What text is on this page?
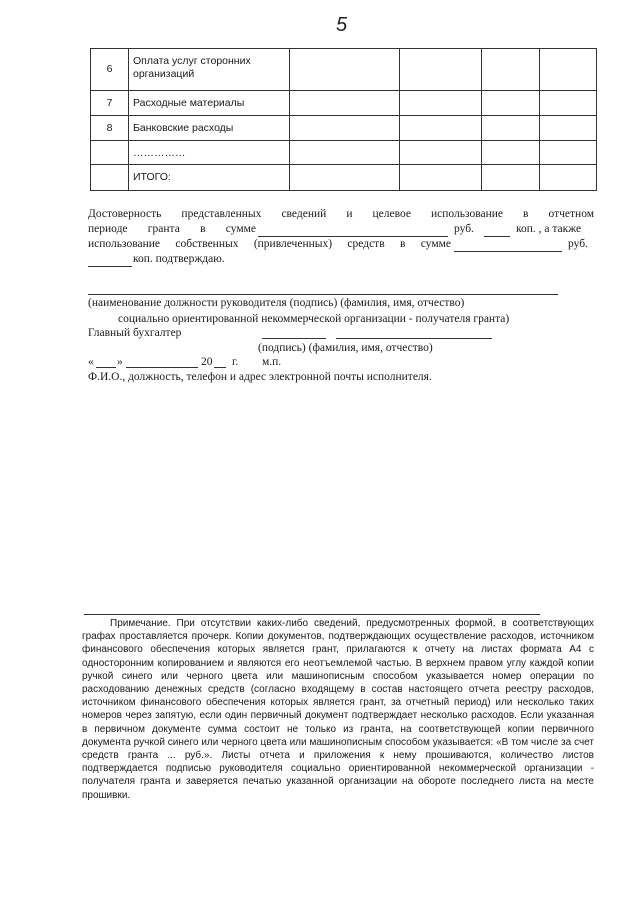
5
6	Оплата услуг сторонних организаций				
7	Расходные материалы				
8	Банковские расходы				
	……………				
	ИТОГО:				
Достоверность представленных сведений и целевое использование в отчетном
периоде гранта в сумме	руб.	коп. , а также
использование собственных (привлеченных) средств в сумме	руб.
коп. подтверждаю.
(наименование должности руководителя (подпись) (фамилия, имя, отчество)
социально ориентированной некоммерческой организации - получателя гранта)
Главный бухгалтер
(подпись) (фамилия, имя, отчество)
« »	20 г. м.п.
Ф.И.О., должность, телефон и адрес электронной почты исполнителя.
Примечание. При отсутствии каких-либо сведений, предусмотренных формой, в соответствующих графах проставляется прочерк. Копии документов, подтверждающих осуществление расходов, источником финансового обеспечения которых является грант, прилагаются к отчету на листах формата А4 с односторонним копированием и являются его неотъемлемой частью. В верхнем правом углу каждой копии ручкой синего или черного цвета или машинописным способом указывается номер операции по расходованию денежных средств (согласно входящему в состав настоящего отчета реестру расходов, источником финансового обеспечения которых является грант, за отчетный период) или несколько таких номеров через запятую, если один первичный документ подтверждает несколько расходов. Если указанная в первичном документе сумма состоит не только из гранта, на соответствующей копии первичного документа ручкой синего или черного цвета или машинописным способом указывается: «В том числе за счет средств гранта ... руб.». Листы отчета и приложения к нему прошиваются, количество листов подтверждается подписью руководителя социально ориентированной некоммерческой организации - получателя гранта и заверяется печатью указанной организации на обороте последнего листа на месте прошивки.
